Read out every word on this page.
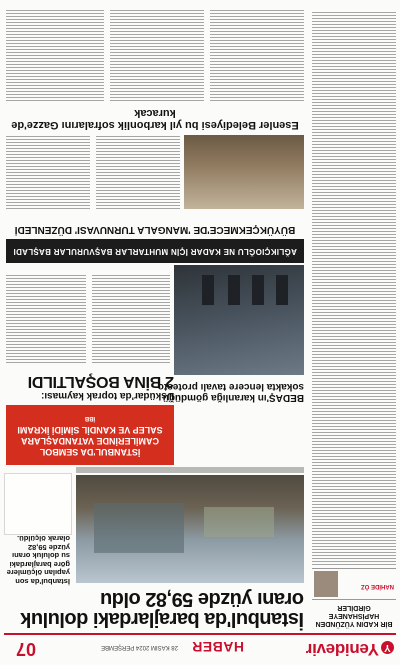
YYenidevir
HABER
28 KASIM 2024 PERŞEMBE
07
BİR KADIN YÜZÜNDEN HAPİSHANEYE GİRDİLER
NAHİDE ÖZ
İstanbul'da barajlardaki doluluk oranı yüzde 59,82 oldu
İstanbul'da son yapılan ölçümlere göre barajlardaki su doluluk oranı yüzde 59,82 olarak ölçüldü.
İSTANBUL'DA SEMBOL CAMİLERİNDE VATANDAŞLARA SALEP VE KANDİL SİMİDİ İKRAMI
İBB
BEDAŞ'ın karanlığa gömdüğü sokakta lencere tavalı protesto
Üsküdar'da toprak kayması:
2 BİNA BOŞALTILDI
AĞLIKÇIOĞLU NE KADAR İÇİN MUHTARLAR BAŞVURULAR BAŞLADI
BÜYÜKÇEKMECE'DE 'MANGALA TURNUVASI' DÜZENLEDİ
Esenler Belediyesi bu yıl karbonlik sofralarını Gazze'de kuracak
